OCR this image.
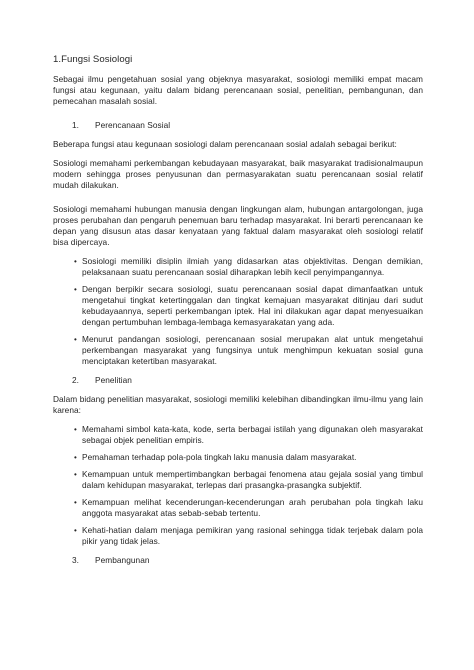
1.Fungsi Sosiologi

Sebagai ilmu pengetahuan sosial yang objeknya masyarakat, sosiologi memiliki empat macam fungsi atau kegunaan, yaitu dalam bidang perencanaan sosial, penelitian, pembangunan, dan pemecahan masalah sosial.

1.	Perencanaan Sosial

Beberapa fungsi atau kegunaan sosiologi dalam perencanaan sosial adalah sebagai berikut:

Sosiologi memahami perkembangan kebudayaan masyarakat, baik masyarakat tradisionalmaupun modern sehingga proses penyusunan dan permasyarakatan suatu perencanaan sosial relatif mudah dilakukan.

Sosiologi memahami hubungan manusia dengan lingkungan alam, hubungan antargolongan, juga proses perubahan dan pengaruh penemuan baru terhadap masyarakat. Ini berarti perencanaan ke depan yang disusun atas dasar kenyataan yang faktual dalam masyarakat oleh sosiologi relatif bisa dipercaya.

• Sosiologi memiliki disiplin ilmiah yang didasarkan atas objektivitas. Dengan demikian, pelaksanaan suatu perencanaan sosial diharapkan lebih kecil penyimpangannya.
• Dengan berpikir secara sosiologi, suatu perencanaan sosial dapat dimanfaatkan untuk mengetahui tingkat ketertinggalan dan tingkat kemajuan masyarakat ditinjau dari sudut kebudayaannya, seperti perkembangan iptek. Hal ini dilakukan agar dapat menyesuaikan dengan pertumbuhan lembaga-lembaga kemasyarakatan yang ada.
• Menurut pandangan sosiologi, perencanaan sosial merupakan alat untuk mengetahui perkembangan masyarakat yang fungsinya untuk menghimpun kekuatan sosial guna menciptakan ketertiban masyarakat.
2.	Penelitian

Dalam bidang penelitian masyarakat, sosiologi memiliki kelebihan dibandingkan ilmu-ilmu yang lain karena:

• Memahami simbol kata-kata, kode, serta berbagai istilah yang digunakan oleh masyarakat sebagai objek penelitian empiris.
• Pemahaman terhadap pola-pola tingkah laku manusia dalam masyarakat.
• Kemampuan untuk mempertimbangkan berbagai fenomena atau gejala sosial yang timbul dalam kehidupan masyarakat, terlepas dari prasangka-prasangka subjektif.
• Kemampuan melihat kecenderungan-kecenderungan arah perubahan pola tingkah laku anggota masyarakat atas sebab-sebab tertentu.
• Kehati-hatian dalam menjaga pemikiran yang rasional sehingga tidak terjebak dalam pola pikir yang tidak jelas.
3.	Pembangunan
